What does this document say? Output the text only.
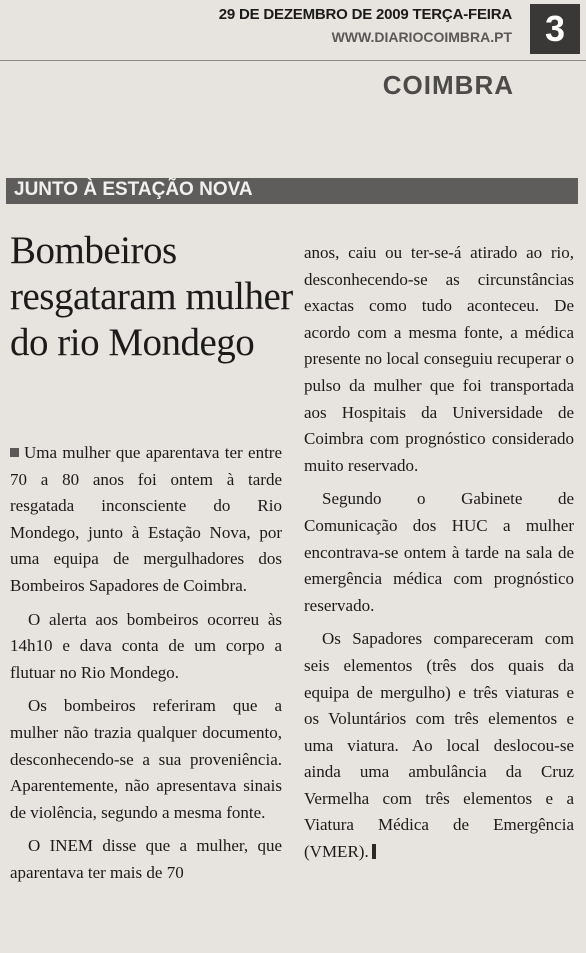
29 DE DEZEMBRO DE 2009 TERÇA-FEIRA
WWW.DIARIOCOIMBRA.PT 3
COIMBRA
JUNTO À ESTAÇÃO NOVA
Bombeiros resgataram mulher do rio Mondego

Uma mulher que aparentava ter entre 70 a 80 anos foi ontem à tarde resgatada inconsciente do Rio Mondego, junto à Estação Nova, por uma equipa de mergulhadores dos Bombeiros Sapadores de Coimbra.

O alerta aos bombeiros ocorreu às 14h10 e dava conta de um corpo a flutuar no Rio Mondego.

Os bombeiros referiram que a mulher não trazia qualquer documento, desconhecendo-se a sua proveniência. Aparentemente, não apresentava sinais de violência, segundo a mesma fonte.

O INEM disse que a mulher, que aparentava ter mais de 70

anos, caiu ou ter-se-á atirado ao rio, desconhecendo-se as circunstâncias exactas como tudo aconteceu. De acordo com a mesma fonte, a médica presente no local conseguiu recuperar o pulso da mulher que foi transportada aos Hospitais da Universidade de Coimbra com prognóstico considerado muito reservado.

Segundo o Gabinete de Comunicação dos HUC a mulher encontrava-se ontem à tarde na sala de emergência médica com prognóstico reservado.

Os Sapadores compareceram com seis elementos (três dos quais da equipa de mergulho) e três viaturas e os Voluntários com três elementos e uma viatura. Ao local deslocou-se ainda uma ambulância da Cruz Vermelha com três elementos e a Viatura Médica de Emergência (VMER).
